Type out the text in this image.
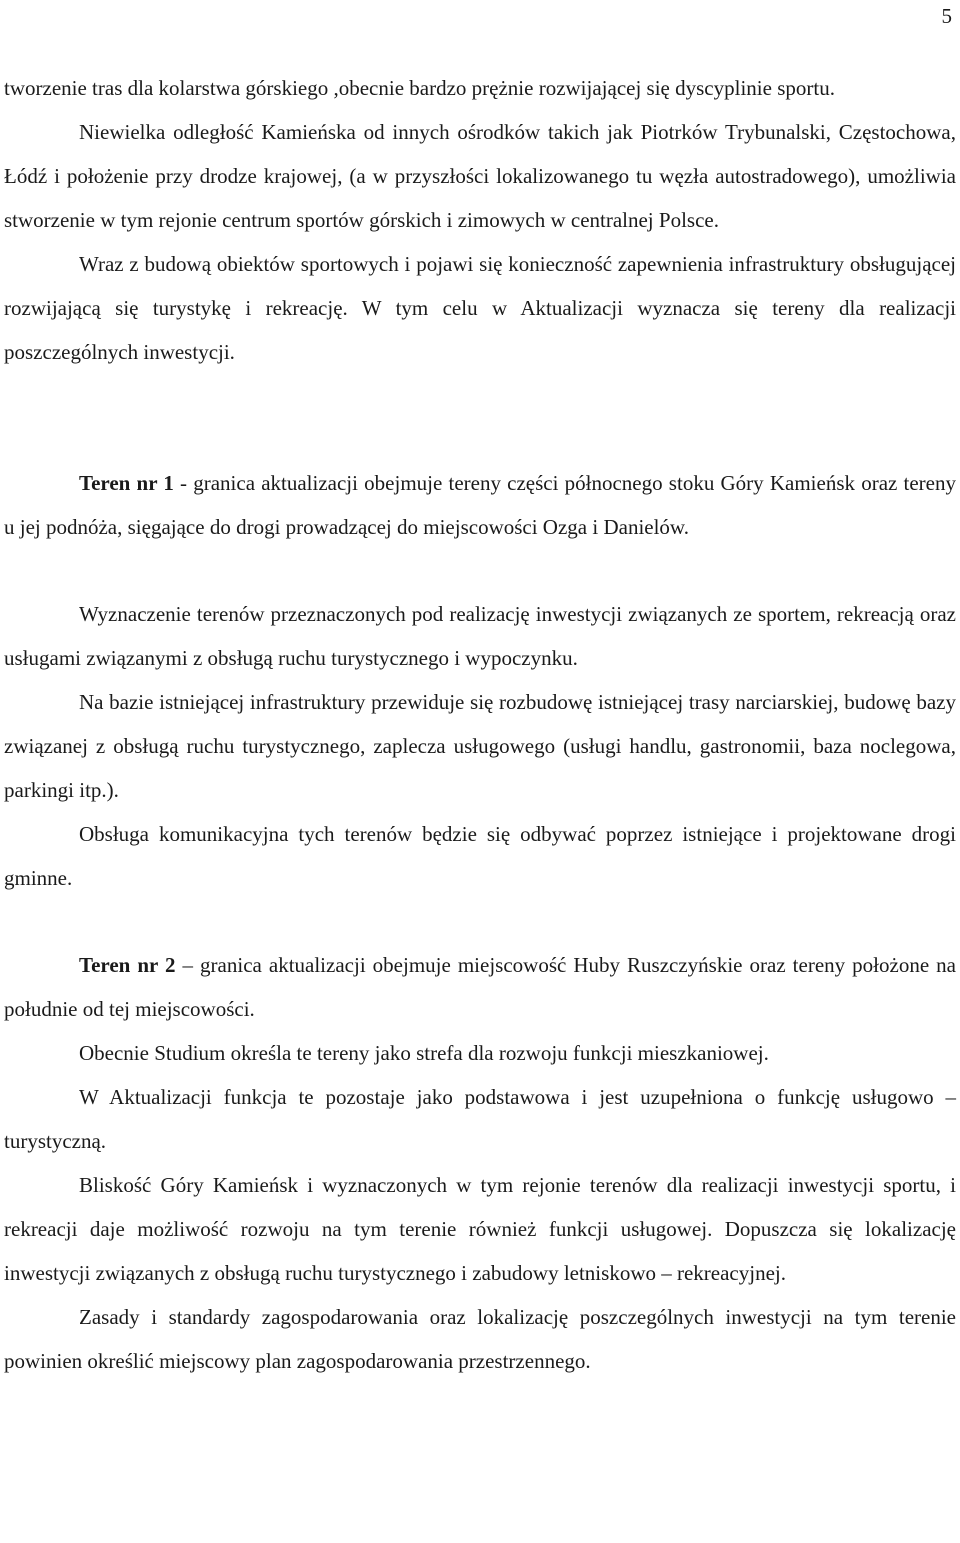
5

tworzenie tras dla kolarstwa górskiego ,obecnie bardzo prężnie rozwijającej się dyscyplinie sportu.

Niewielka odległość Kamieńska od innych ośrodków takich jak Piotrków Trybunalski, Częstochowa, Łódź i położenie przy drodze krajowej, (a w przyszłości lokalizowanego tu węzła autostradowego), umożliwia stworzenie w tym rejonie centrum sportów górskich i zimowych w centralnej Polsce.

Wraz z budową obiektów sportowych i pojawi się konieczność zapewnienia infrastruktury obsługującej rozwijającą się turystykę i rekreację. W tym celu w Aktualizacji wyznacza się tereny dla realizacji poszczególnych inwestycji.

Teren nr 1 - granica aktualizacji obejmuje tereny części północnego stoku Góry Kamieńsk oraz tereny u jej podnóża, sięgające do drogi prowadzącej do miejscowości Ozga i Danielów.

Wyznaczenie terenów przeznaczonych pod realizację inwestycji związanych ze sportem, rekreacją oraz usługami związanymi z obsługą ruchu turystycznego i wypoczynku.

Na bazie istniejącej infrastruktury przewiduje się rozbudowę istniejącej trasy narciarskiej, budowę bazy związanej z obsługą ruchu turystycznego, zaplecza usługowego (usługi handlu, gastronomii, baza noclegowa, parkingi itp.).

Obsługa komunikacyjna tych terenów będzie się odbywać poprzez istniejące i projektowane drogi gminne.

Teren nr 2 – granica aktualizacji obejmuje miejscowość Huby Ruszczyńskie oraz tereny położone na południe od tej miejscowości.

Obecnie Studium określa te tereny jako strefa dla rozwoju funkcji mieszkaniowej.

W Aktualizacji funkcja te pozostaje jako podstawowa i jest uzupełniona o funkcję usługowo – turystyczną.

Bliskość Góry Kamieńsk i wyznaczonych w tym rejonie terenów dla realizacji inwestycji sportu, i rekreacji daje możliwość rozwoju na tym terenie również funkcji usługowej. Dopuszcza się lokalizację inwestycji związanych z obsługą ruchu turystycznego i zabudowy letniskowo – rekreacyjnej.

Zasady i standardy zagospodarowania oraz lokalizację poszczególnych inwestycji na tym terenie powinien określić miejscowy plan zagospodarowania przestrzennego.
